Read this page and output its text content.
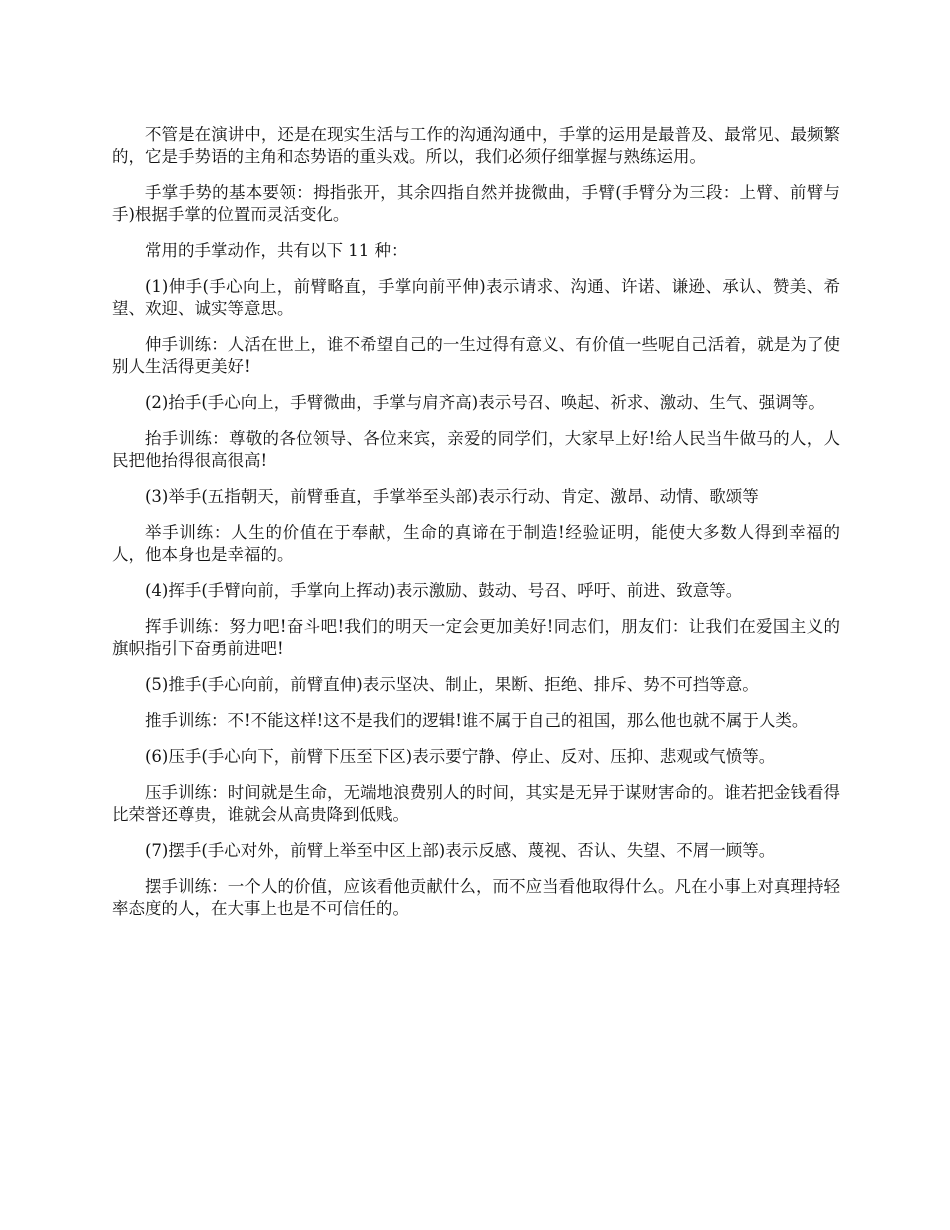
不管是在演讲中，还是在现实生活与工作的沟通沟通中，手掌的运用是最普及、最常见、最频繁的，它是手势语的主角和态势语的重头戏。所以，我们必须仔细掌握与熟练运用。

手掌手势的基本要领：拇指张开，其余四指自然并拢微曲，手臂(手臂分为三段：上臂、前臂与手)根据手掌的位置而灵活变化。

常用的手掌动作，共有以下 11 种：

(1)伸手(手心向上，前臂略直，手掌向前平伸)表示请求、沟通、许诺、谦逊、承认、赞美、希望、欢迎、诚实等意思。

伸手训练：人活在世上，谁不希望自己的一生过得有意义、有价值一些呢自己活着，就是为了使别人生活得更美好!

(2)抬手(手心向上，手臂微曲，手掌与肩齐高)表示号召、唤起、祈求、激动、生气、强调等。

抬手训练：尊敬的各位领导、各位来宾，亲爱的同学们，大家早上好!给人民当牛做马的人，人民把他抬得很高很高!

(3)举手(五指朝天，前臂垂直，手掌举至头部)表示行动、肯定、激昂、动情、歌颂等

举手训练：人生的价值在于奉献，生命的真谛在于制造!经验证明，能使大多数人得到幸福的人，他本身也是幸福的。

(4)挥手(手臂向前，手掌向上挥动)表示激励、鼓动、号召、呼吁、前进、致意等。

挥手训练：努力吧!奋斗吧!我们的明天一定会更加美好!同志们，朋友们：让我们在爱国主义的旗帜指引下奋勇前进吧!

(5)推手(手心向前，前臂直伸)表示坚决、制止，果断、拒绝、排斥、势不可挡等意。

推手训练：不!不能这样!这不是我们的逻辑!谁不属于自己的祖国，那么他也就不属于人类。

(6)压手(手心向下，前臂下压至下区)表示要宁静、停止、反对、压抑、悲观或气愤等。

压手训练：时间就是生命，无端地浪费别人的时间，其实是无异于谋财害命的。谁若把金钱看得比荣誉还尊贵，谁就会从高贵降到低贱。

(7)摆手(手心对外，前臂上举至中区上部)表示反感、蔑视、否认、失望、不屑一顾等。

摆手训练：一个人的价值，应该看他贡献什么，而不应当看他取得什么。凡在小事上对真理持轻率态度的人，在大事上也是不可信任的。
